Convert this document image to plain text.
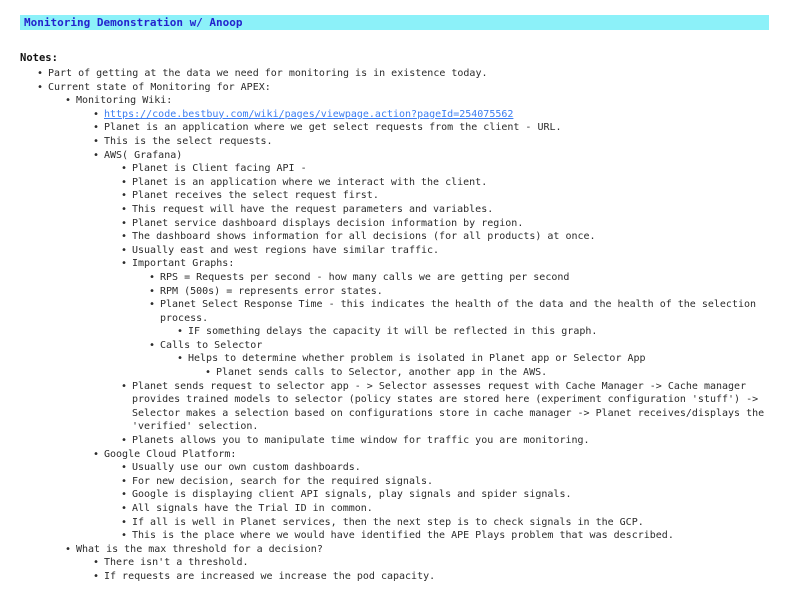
Monitoring Demonstration w/ Anoop
Notes:
• Part of getting at the data we need for monitoring is in existence today.
• Current state of Monitoring for APEX:
• Monitoring Wiki:
• https://code.bestbuy.com/wiki/pages/viewpage.action?pageId=254075562
• Planet is an application where we get select requests from the client - URL.
• This is the select requests.
• AWS( Grafana)
• Planet is Client facing API -
• Planet is an application where we interact with the client.
• Planet receives the select request first.
• This request will have the request parameters and variables.
• Planet service dashboard displays decision information by region.
• The dashboard shows information for all decisions (for all products) at once.
• Usually east and west regions have similar traffic.
• Important Graphs:
• RPS = Requests per second - how many calls we are getting per second
• RPM (500s) = represents error states.
• Planet Select Response Time - this indicates the health of the data and the health of the selection process.
• IF something delays the capacity it will be reflected in this graph.
• Calls to Selector
• Helps to determine whether problem is isolated in Planet app or Selector App
• Planet sends calls to Selector, another app in the AWS.
• Planet sends request to selector app - > Selector assesses request with Cache Manager -> Cache manager provides trained models to selector (policy states are stored here (experiment configuration 'stuff') -> Selector makes a selection based on configurations store in cache manager -> Planet receives/displays the 'verified' selection.
• Planets allows you to manipulate time window for traffic you are monitoring.
• Google Cloud Platform:
• Usually use our own custom dashboards.
• For new decision, search for the required signals.
• Google is displaying client API signals, play signals and spider signals.
• All signals have the Trial ID in common.
• If all is well in Planet services, then the next step is to check signals in the GCP.
• This is the place where we would have identified the APE Plays problem that was described.
• What is the max threshold for a decision?
• There isn't a threshold.
• If requests are increased we increase the pod capacity.
